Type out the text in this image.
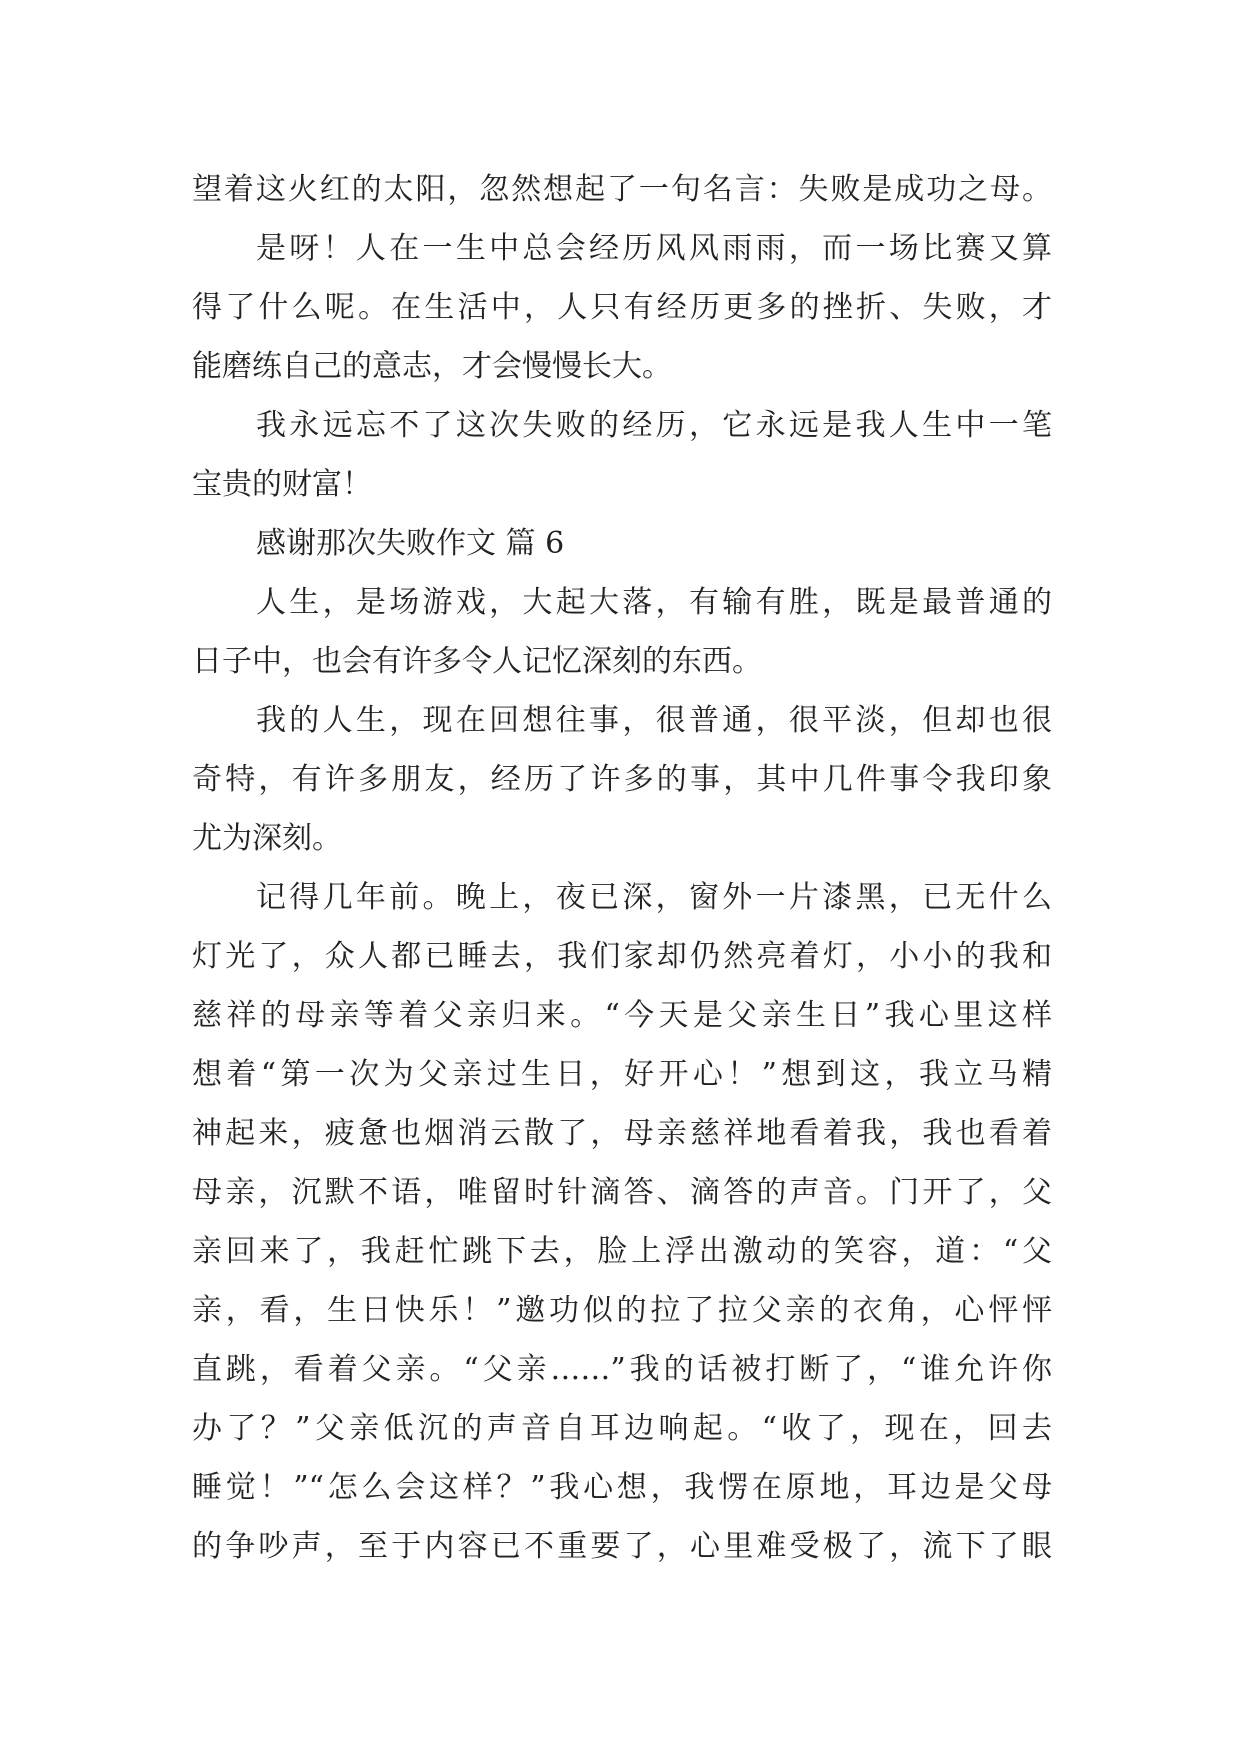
望着这火红的太阳，忽然想起了一句名言：失败是成功之母。

是呀！人在一生中总会经历风风雨雨，而一场比赛又算

得了什么呢。在生活中，人只有经历更多的挫折、失败，才

能磨练自己的意志，才会慢慢长大。

我永远忘不了这次失败的经历，它永远是我人生中一笔

宝贵的财富！

感谢那次失败作文 篇 6

人生，是场游戏，大起大落，有输有胜，既是最普通的

日子中，也会有许多令人记忆深刻的东西。

我的人生，现在回想往事，很普通，很平淡，但却也很

奇特，有许多朋友，经历了许多的事，其中几件事令我印象

尤为深刻。

记得几年前。晚上，夜已深，窗外一片漆黑，已无什么

灯光了，众人都已睡去，我们家却仍然亮着灯，小小的我和

慈祥的母亲等着父亲归来。“今天是父亲生日”我心里这样

想着“第一次为父亲过生日，好开心！”想到这，我立马精

神起来，疲惫也烟消云散了，母亲慈祥地看着我，我也看着

母亲，沉默不语，唯留时针滴答、滴答的声音。门开了，父

亲回来了，我赶忙跳下去，脸上浮出激动的笑容，道：“父

亲，看，生日快乐！”邀功似的拉了拉父亲的衣角，心怦怦

直跳，看着父亲。“父亲……”我的话被打断了，“谁允许你

办了？”父亲低沉的声音自耳边响起。“收了，现在，回去

睡觉！”“怎么会这样？”我心想，我愣在原地，耳边是父母

的争吵声，至于内容已不重要了，心里难受极了，流下了眼
